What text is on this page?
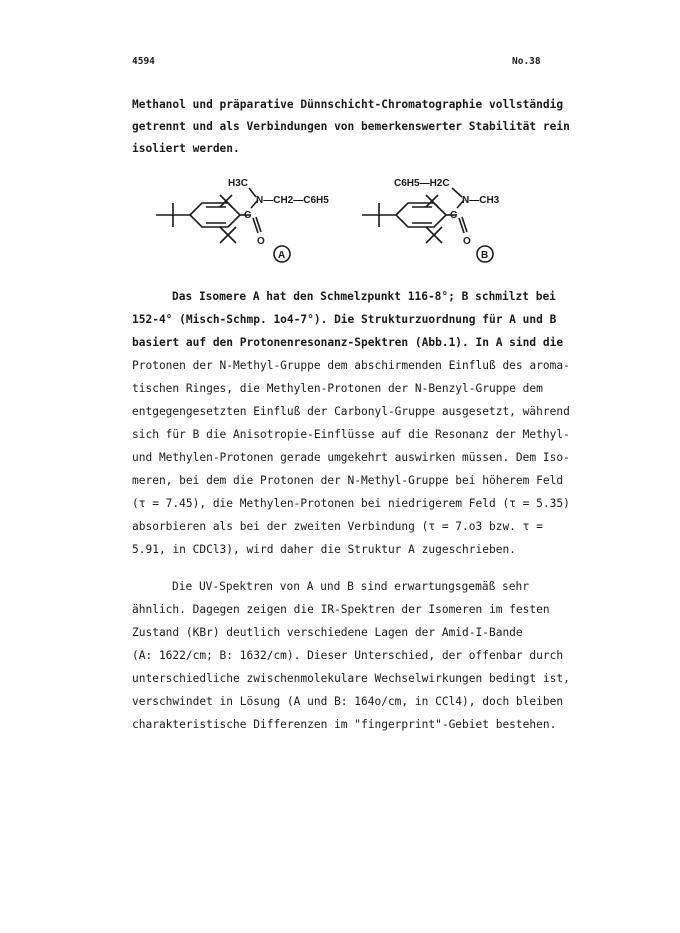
4594	No.38
Methanol und präparative Dünnschicht-Chromatographie vollständig
getrennt und als Verbindungen von bemerkenswerter Stabilität rein
isoliert werden.
H3C
C
N—CH2—C6H5
O
A
C6H5—H2C
C
N—CH3
O
B
Das Isomere A hat den Schmelzpunkt 116-8°; B schmilzt bei
152-4° (Misch-Schmp. 1o4-7°). Die Strukturzuordnung für A und B
basiert auf den Protonenresonanz-Spektren (Abb.1). In A sind die
Protonen der N-Methyl-Gruppe dem abschirmenden Einfluß des aroma-
tischen Ringes, die Methylen-Protonen der N-Benzyl-Gruppe dem
entgegengesetzten Einfluß der Carbonyl-Gruppe ausgesetzt, während
sich für B die Anisotropie-Einflüsse auf die Resonanz der Methyl-
und Methylen-Protonen gerade umgekehrt auswirken müssen. Dem Iso-
meren, bei dem die Protonen der N-Methyl-Gruppe bei höherem Feld
(τ = 7.45), die Methylen-Protonen bei niedrigerem Feld (τ = 5.35)
absorbieren als bei der zweiten Verbindung (τ = 7.o3 bzw. τ =
5.91, in CDCl3), wird daher die Struktur A zugeschrieben.
Die UV-Spektren von A und B sind erwartungsgemäß sehr
ähnlich. Dagegen zeigen die IR-Spektren der Isomeren im festen
Zustand (KBr) deutlich verschiedene Lagen der Amid-I-Bande
(A: 1622/cm; B: 1632/cm). Dieser Unterschied, der offenbar durch
unterschiedliche zwischenmolekulare Wechselwirkungen bedingt ist,
verschwindet in Lösung (A und B: 164o/cm, in CCl4), doch bleiben
charakteristische Differenzen im "fingerprint"-Gebiet bestehen.
